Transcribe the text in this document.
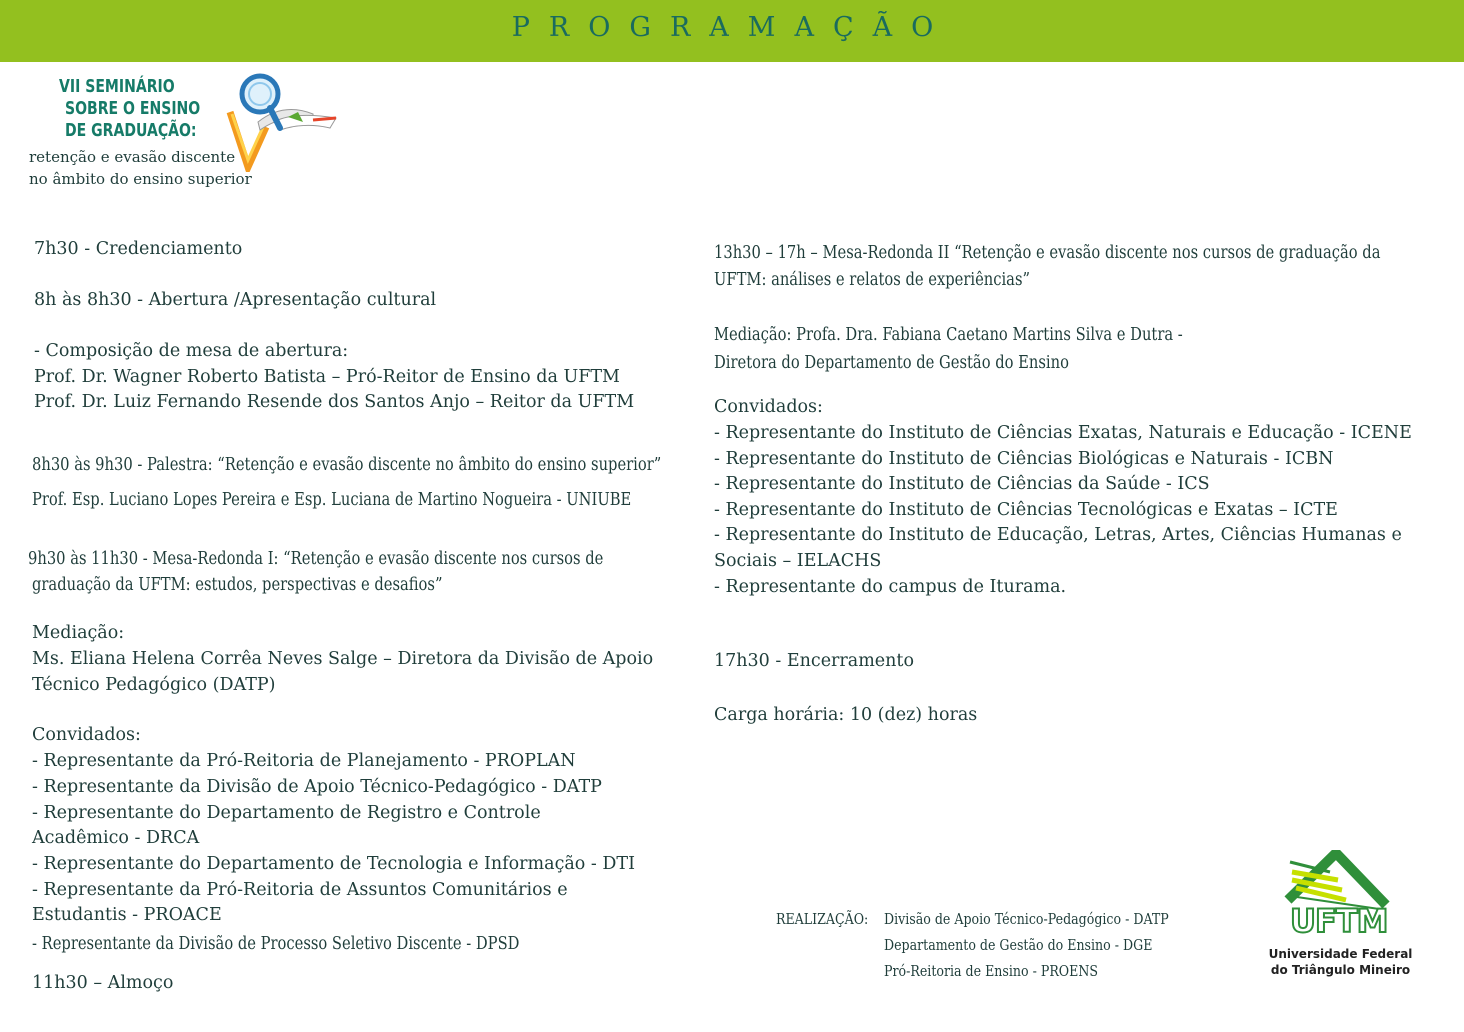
PROGRAMAÇÃO
VII SEMINÁRIO
SOBRE O ENSINO
DE GRADUAÇÃO:
retenção e evasão discente
no âmbito do ensino superior
7h30 - Credenciamento
8h às 8h30 - Abertura /Apresentação cultural
- Composição de mesa de abertura:
Prof. Dr. Wagner Roberto Batista – Pró-Reitor de Ensino da UFTM
Prof. Dr. Luiz Fernando Resende dos Santos Anjo – Reitor da UFTM
8h30 às 9h30 - Palestra: “Retenção e evasão discente no âmbito do ensino superior”
Prof. Esp. Luciano Lopes Pereira e Esp. Luciana de Martino Nogueira - UNIUBE
9h30 às 11h30 - Mesa-Redonda I: “Retenção e evasão discente nos cursos de
graduação da UFTM: estudos, perspectivas e desafios”
Mediação:
Ms. Eliana Helena Corrêa Neves Salge – Diretora da Divisão de Apoio
Técnico Pedagógico (DATP)
Convidados:
- Representante da Pró-Reitoria de Planejamento - PROPLAN
- Representante da Divisão de Apoio Técnico-Pedagógico - DATP
- Representante do Departamento de Registro e Controle
Acadêmico - DRCA
- Representante do Departamento de Tecnologia e Informação - DTI
- Representante da Pró-Reitoria de Assuntos Comunitários e
Estudantis - PROACE
- Representante da Divisão de Processo Seletivo Discente - DPSD
11h30 – Almoço
13h30 – 17h – Mesa-Redonda II “Retenção e evasão discente nos cursos de graduação da
UFTM: análises e relatos de experiências”
Mediação: Profa. Dra. Fabiana Caetano Martins Silva e Dutra -
Diretora do Departamento de Gestão do Ensino
Convidados:
- Representante do Instituto de Ciências Exatas, Naturais e Educação - ICENE
- Representante do Instituto de Ciências Biológicas e Naturais - ICBN
- Representante do Instituto de Ciências da Saúde - ICS
- Representante do Instituto de Ciências Tecnológicas e Exatas – ICTE
- Representante do Instituto de Educação, Letras, Artes, Ciências Humanas e
Sociais – IELACHS
- Representante do campus de Iturama.
17h30 - Encerramento
Carga horária: 10 (dez) horas
REALIZAÇÃO:	Divisão de Apoio Técnico-Pedagógico - DATP
Departamento de Gestão do Ensino - DGE
Pró-Reitoria de Ensino - PROENS
UFTM
Universidade Federal
do Triângulo Mineiro
